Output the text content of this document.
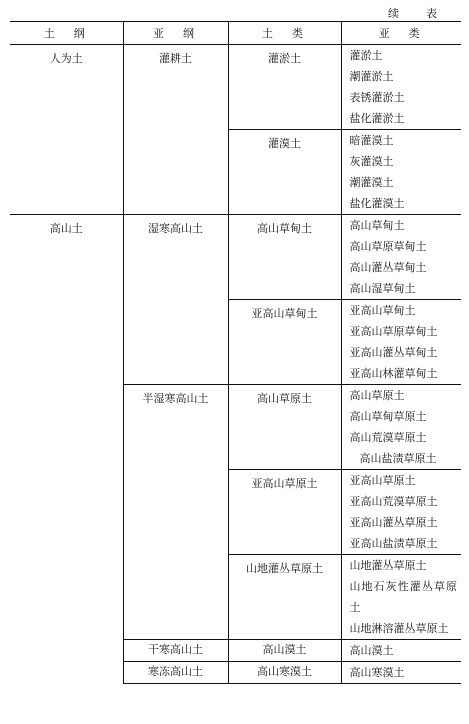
续　表
土　纲	亚　纲	土　类	亚　类
人为土	灌耕土	灌淤土	灌淤土
潮灌淤土
表锈灌淤土
盐化灌淤土

		灌漠土	暗灌漠土
灰灌漠土
潮灌漠土
盐化灌漠土

高山土	湿寒高山土	高山草甸土	高山草甸土
高山草原草甸土
高山灌丛草甸土
高山湿草甸土

		亚高山草甸土	亚高山草甸土
亚高山草原草甸土
亚高山灌丛草甸土
亚高山林灌草甸土

	半湿寒高山土	高山草原土	高山草原土
高山草甸草原土
高山荒漠草原土
高山盐渍草原土

		亚高山草原土	亚高山草原土
亚高山荒漠草原土
亚高山灌丛草原土
亚高山盐渍草原土

		山地灌丛草原土	山地灌丛草原土
山地石灰性灌丛草原土
山地淋溶灌丛草原土

	干寒高山土	高山漠土	高山漠土

	寒冻高山土	高山寒漠土	高山寒漠土
